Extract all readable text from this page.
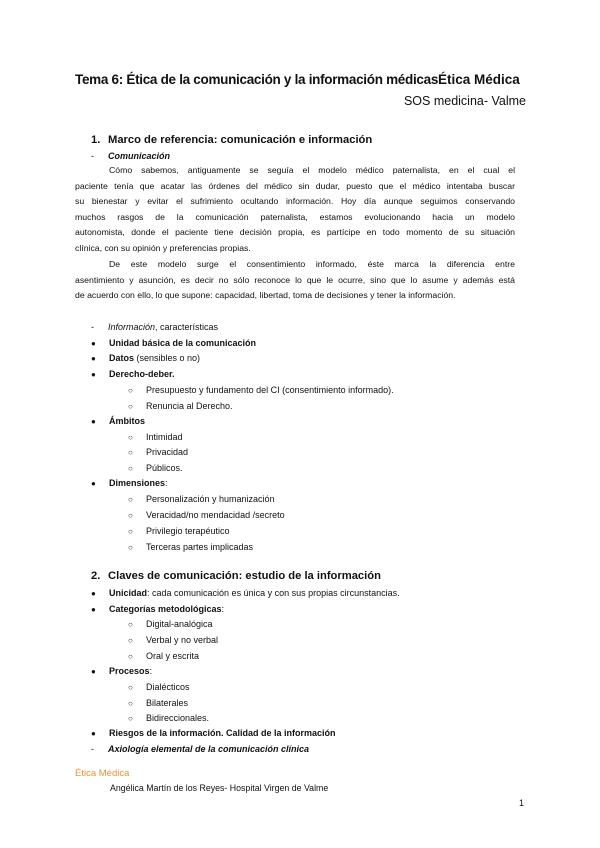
Tema 6: Ética de la comunicación y la información médicas Ética Médica
SOS medicina- Valme
1. Marco de referencia: comunicación e información
- Comunicación
Cómo sabemos, antiguamente se seguía el modelo médico paternalista, en el cual el
paciente tenía que acatar las órdenes del médico sin dudar, puesto que el médico intentaba buscar
su bienestar y evitar el sufrimiento ocultando información. Hoy día aunque seguimos conservando
muchos rasgos de la comunicación paternalista, estamos evolucionando hacia un modelo
autonomista, donde el paciente tiene decisión propia, es partícipe en todo momento de su situación
clínica, con su opinión y preferencias propias.
De este modelo surge el consentimiento informado, éste marca la diferencia entre
asentimiento y asunción, es decir no sólo reconoce lo que le ocurre, sino que lo asume y además está
de acuerdo con ello, lo que supone: capacidad, libertad, toma de decisiones y tener la información.
- Información, características
● Unidad básica de la comunicación
● Datos (sensibles o no)
● Derecho-deber.
○ Presupuesto y fundamento del CI (consentimiento informado).
○ Renuncia al Derecho.
● Ámbitos
○ Intimidad
○ Privacidad
○ Públicos.
● Dimensiones:
○ Personalización y humanización
○ Veracidad/no mendacidad /secreto
○ Privilegio terapéutico
○ Terceras partes implicadas
2. Claves de comunicación: estudio de la información
● Unicidad: cada comunicación es única y con sus propias circunstancias.
● Categorías metodológicas:
○ Digital-analógica
○ Verbal y no verbal
○ Oral y escrita
● Procesos:
○ Dialécticos
○ Bilaterales
○ Bidireccionales.
● Riesgos de la información. Calidad de la información
- Axiología elemental de la comunicación clínica
Ética Médica
Angélica Martín de los Reyes- Hospital Virgen de Valme
1
